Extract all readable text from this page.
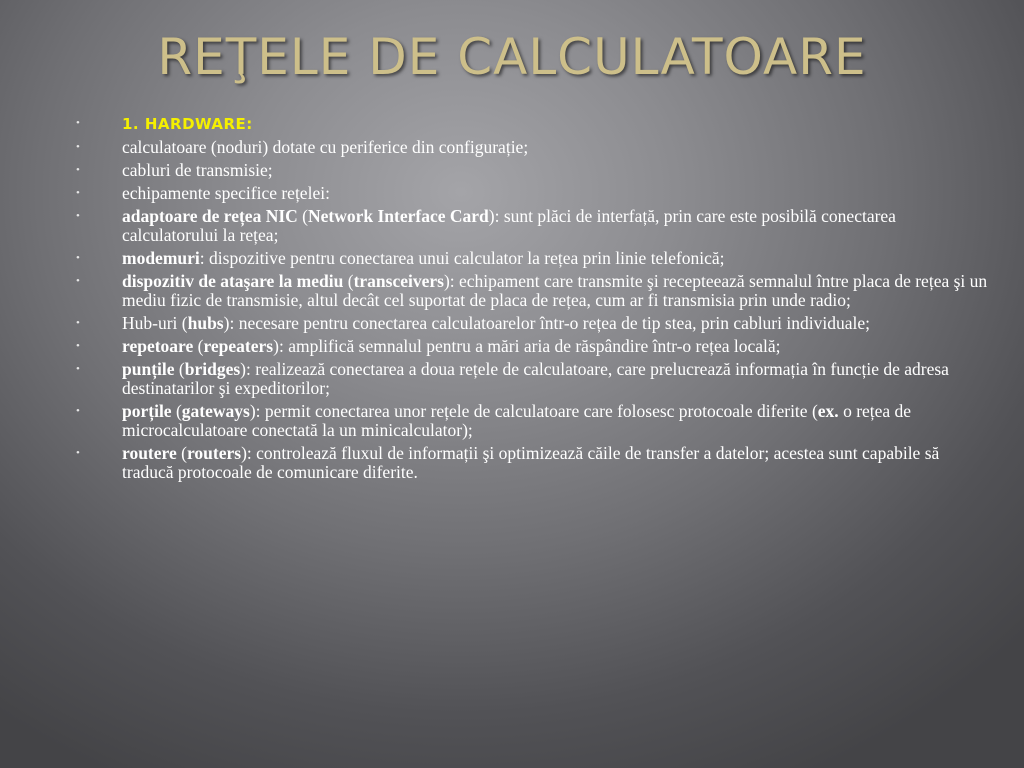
REŢELE DE CALCULATOARE
• 1. HARDWARE:
• calculatoare (noduri) dotate cu periferice din configurație;
• cabluri de transmisie;
• echipamente specifice rețelei:
• adaptoare de rețea NIC (Network Interface Card): sunt plăci de interfață, prin care este posibilă conectarea calculatorului la rețea;
• modemuri: dispozitive pentru conectarea unui calculator la rețea prin linie telefonică;
• dispozitiv de ataşare la mediu (transceivers): echipament care transmite şi recepteează semnalul între placa de rețea şi un mediu fizic de transmisie, altul decât cel suportat de placa de rețea, cum ar fi transmisia prin unde radio;
• Hub-uri (hubs): necesare pentru conectarea calculatoarelor într-o rețea de tip stea, prin cabluri individuale;
• repetoare (repeaters): amplifică semnalul pentru a mări aria de răspândire într-o rețea locală;
• punțile (bridges): realizează conectarea a doua rețele de calculatoare, care prelucrează informația în funcție de adresa destinatarilor şi expeditorilor;
• porțile (gateways): permit conectarea unor rețele de calculatoare care folosesc protocoale diferite (ex. o rețea de microcalculatoare conectată la un minicalculator);
• routere (routers): controlează fluxul de informații şi optimizează căile de transfer a datelor; acestea sunt capabile să traducă protocoale de comunicare diferite.
